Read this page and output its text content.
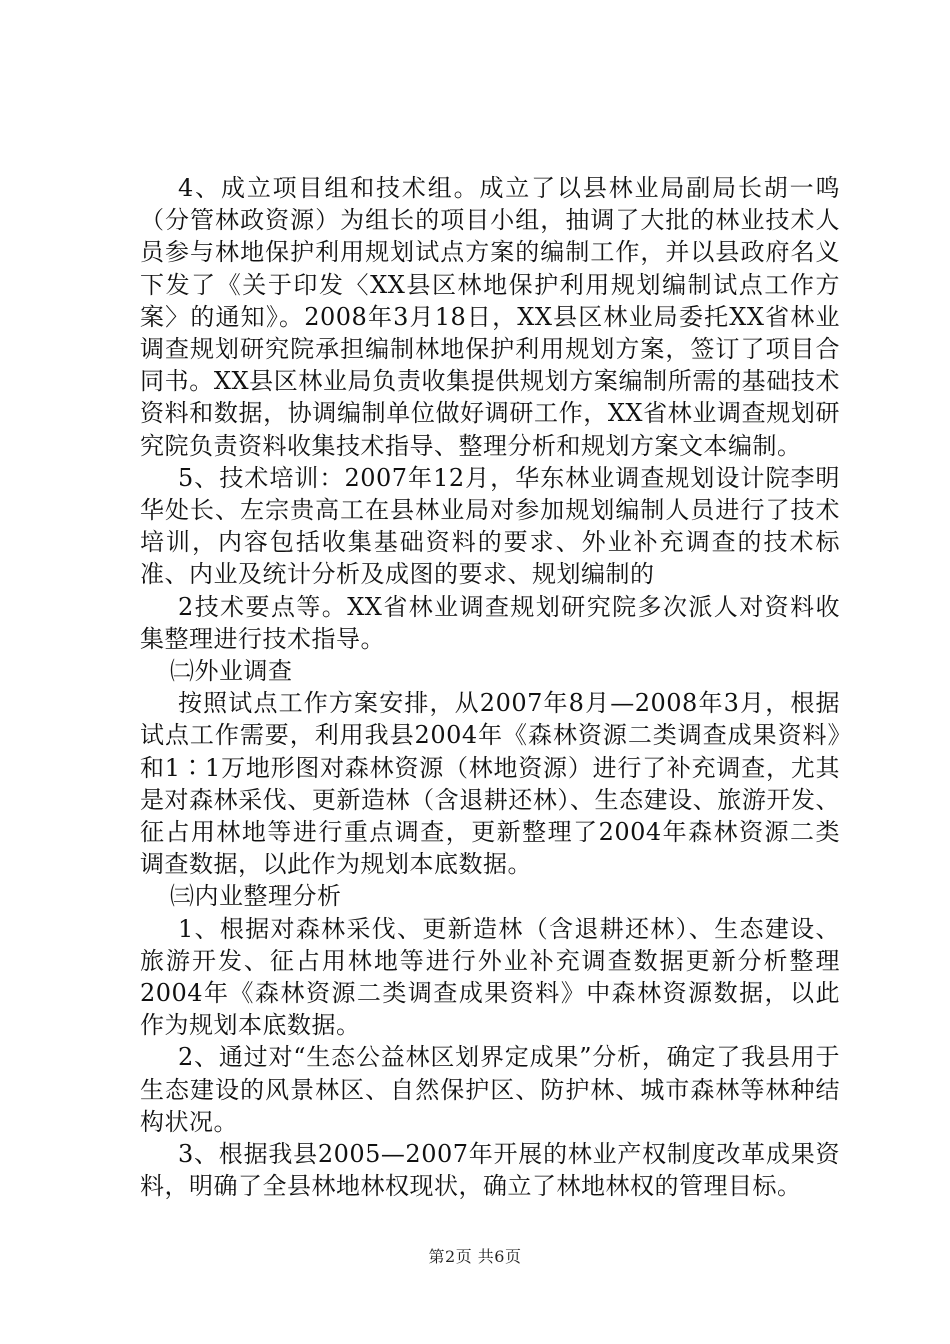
4、成立项目组和技术组。成立了以县林业局副局长胡一鸣（分管林政资源）为组长的项目小组，抽调了大批的林业技术人员参与林地保护利用规划试点方案的编制工作，并以县政府名义下发了《关于印发〈XX县区林地保护利用规划编制试点工作方案〉的通知》。2008年3月18日，XX县区林业局委托XX省林业调查规划研究院承担编制林地保护利用规划方案，签订了项目合同书。XX县区林业局负责收集提供规划方案编制所需的基础技术资料和数据，协调编制单位做好调研工作，XX省林业调查规划研究院负责资料收集技术指导、整理分析和规划方案文本编制。

5、技术培训：2007年12月，华东林业调查规划设计院李明华处长、左宗贵高工在县林业局对参加规划编制人员进行了技术培训，内容包括收集基础资料的要求、外业补充调查的技术标准、内业及统计分析及成图的要求、规划编制的

2技术要点等。XX省林业调查规划研究院多次派人对资料收集整理进行技术指导。

㈡外业调查

按照试点工作方案安排，从2007年8月—2008年3月，根据试点工作需要，利用我县2004年《森林资源二类调查成果资料》和1∶1万地形图对森林资源（林地资源）进行了补充调查，尤其是对森林采伐、更新造林（含退耕还林）、生态建设、旅游开发、征占用林地等进行重点调查，更新整理了2004年森林资源二类调查数据，以此作为规划本底数据。

㈢内业整理分析

1、根据对森林采伐、更新造林（含退耕还林）、生态建设、旅游开发、征占用林地等进行外业补充调查数据更新分析整理2004年《森林资源二类调查成果资料》中森林资源数据，以此作为规划本底数据。

2、通过对“生态公益林区划界定成果”分析，确定了我县用于生态建设的风景林区、自然保护区、防护林、城市森林等林种结构状况。

3、根据我县2005—2007年开展的林业产权制度改革成果资料，明确了全县林地林权现状，确立了林地林权的管理目标。

第2页 共6页
